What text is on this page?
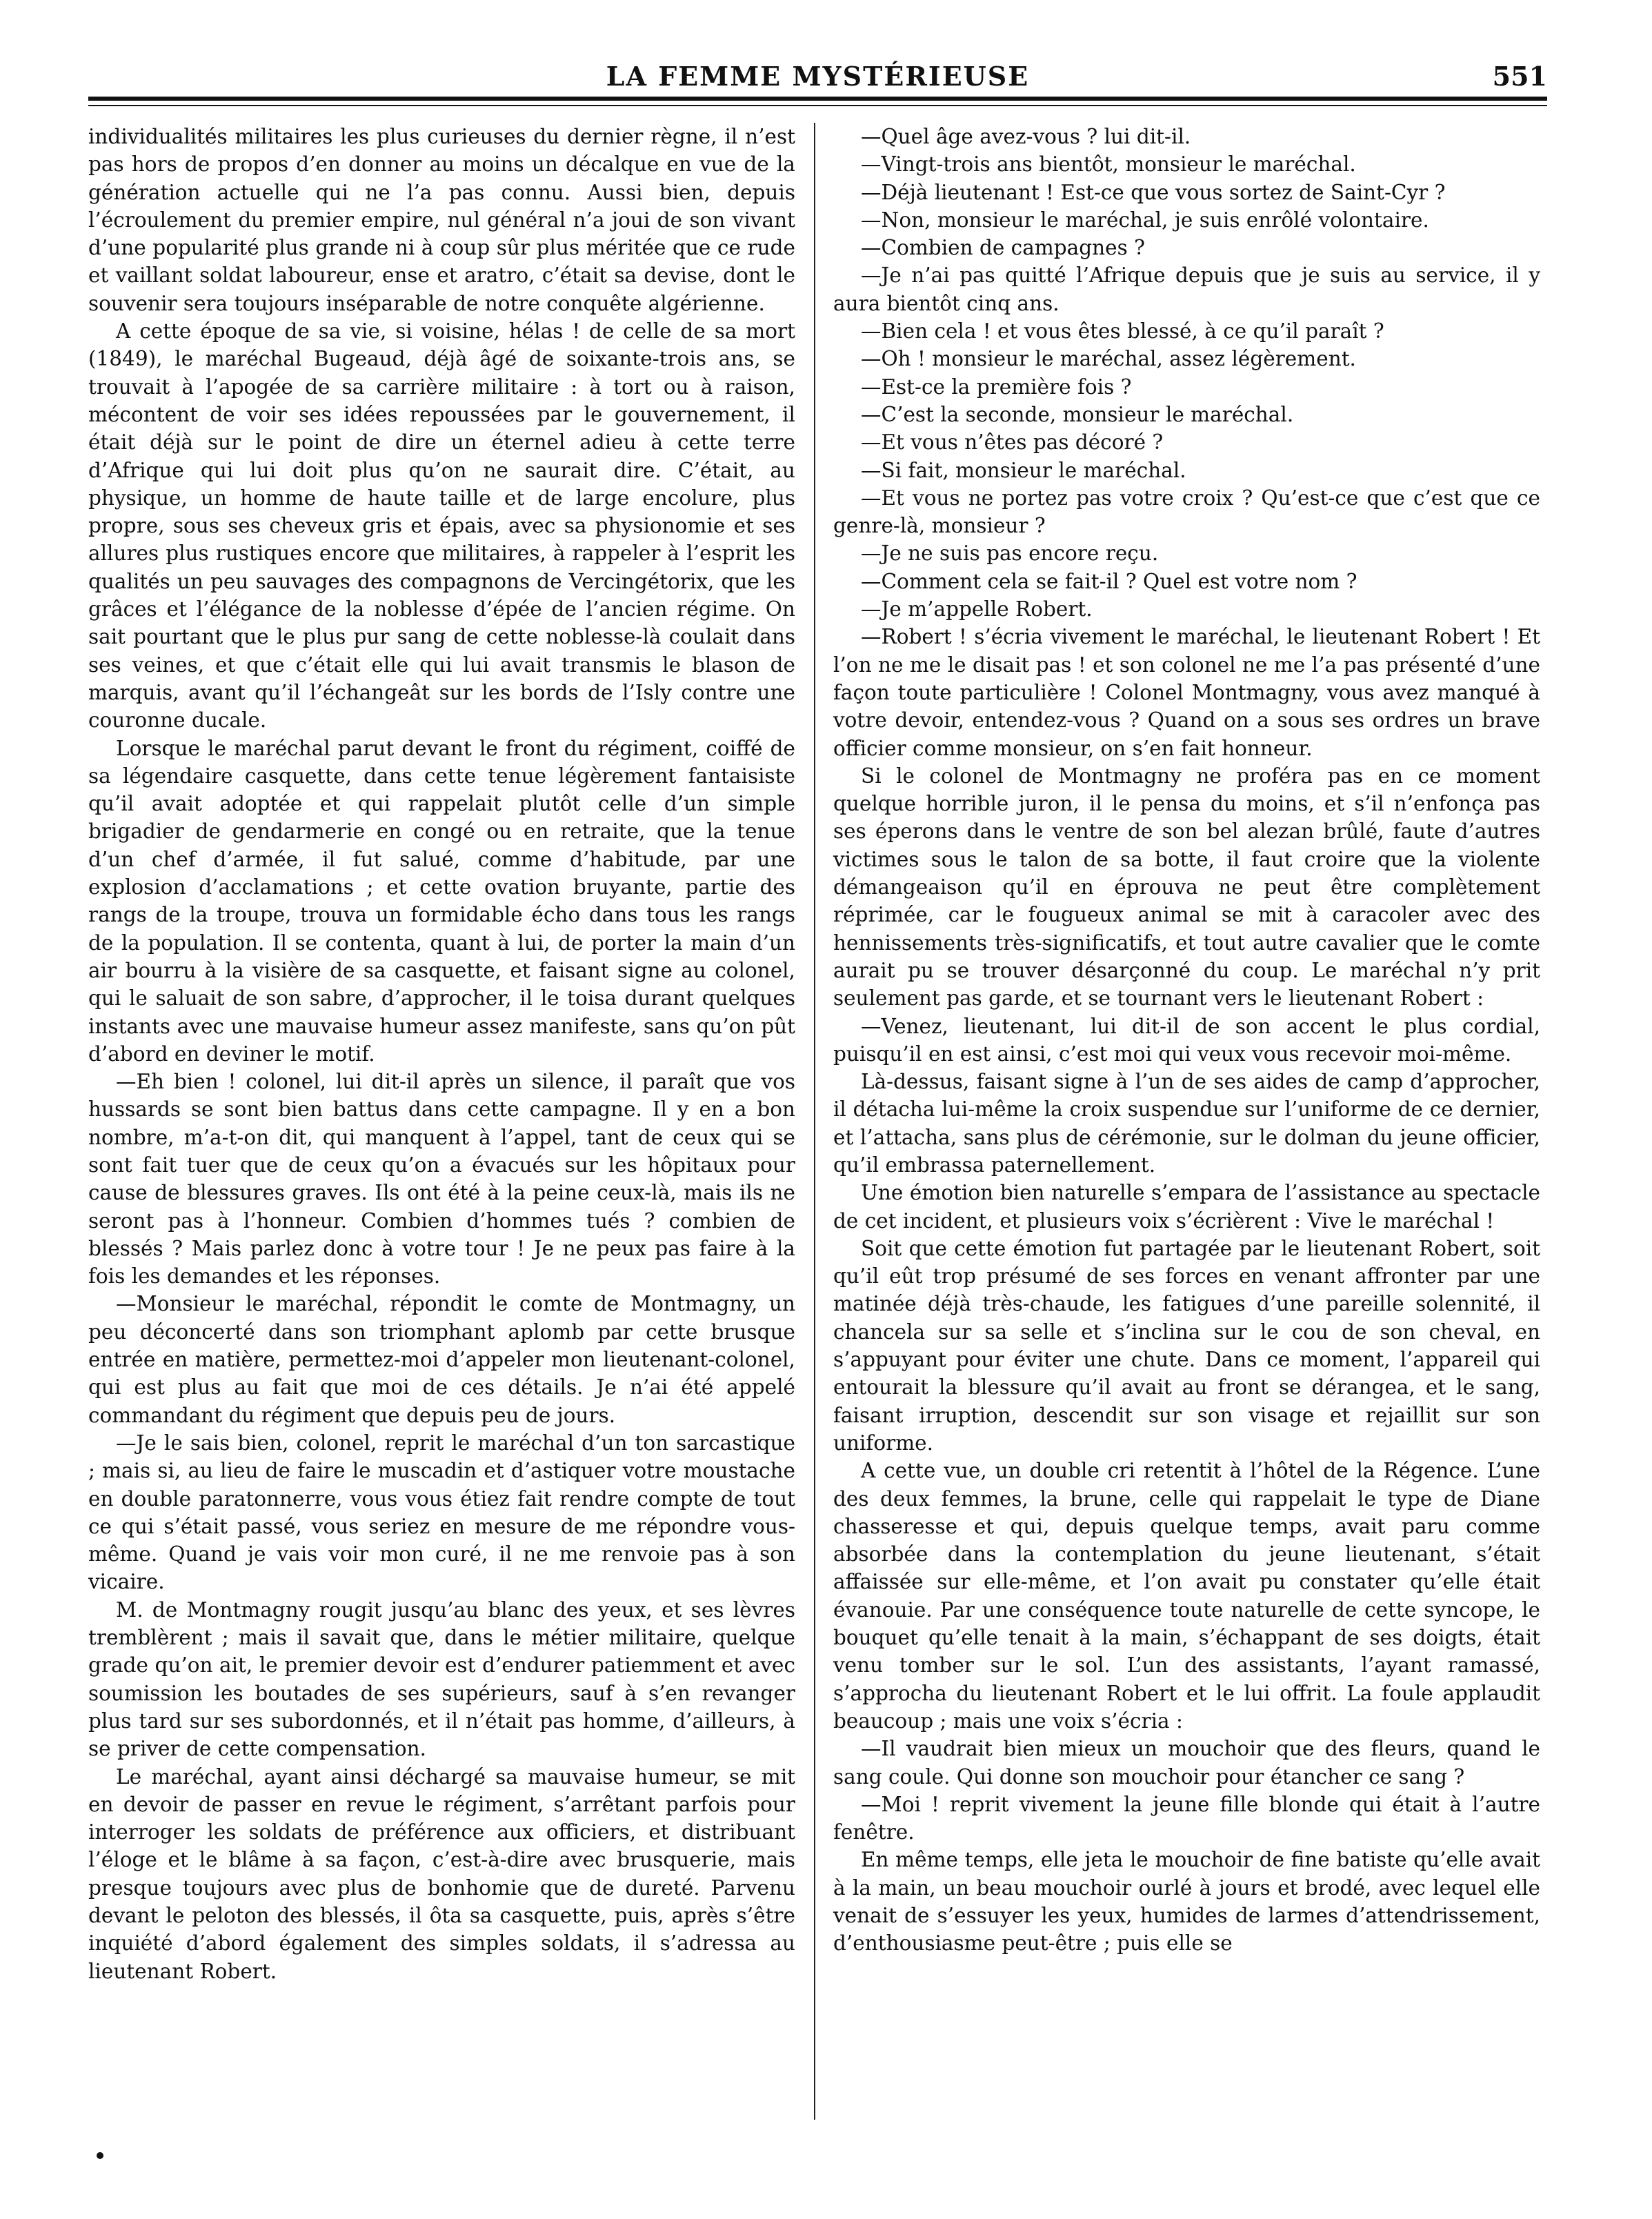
LA FEMME MYSTÉRIEUSE	551

individualités militaires les plus curieuses du dernier règne, il n’est pas hors de propos d’en donner au moins un décalque en vue de la génération actuelle qui ne l’a pas connu. Aussi bien, depuis l’écroulement du premier empire, nul général n’a joui de son vivant d’une popularité plus grande ni à coup sûr plus méritée que ce rude et vaillant soldat laboureur, ense et aratro, c’était sa devise, dont le souvenir sera toujours inséparable de notre conquête algérienne.

A cette époque de sa vie, si voisine, hélas ! de celle de sa mort (1849), le maréchal Bugeaud, déjà âgé de soixante-trois ans, se trouvait à l’apogée de sa carrière militaire : à tort ou à raison, mécontent de voir ses idées repoussées par le gouvernement, il était déjà sur le point de dire un éternel adieu à cette terre d’Afrique qui lui doit plus qu’on ne saurait dire. C’était, au physique, un homme de haute taille et de large encolure, plus propre, sous ses cheveux gris et épais, avec sa physionomie et ses allures plus rustiques encore que militaires, à rappeler à l’esprit les qualités un peu sauvages des compagnons de Vercingétorix, que les grâces et l’élégance de la noblesse d’épée de l’ancien régime. On sait pourtant que le plus pur sang de cette noblesse-là coulait dans ses veines, et que c’était elle qui lui avait transmis le blason de marquis, avant qu’il l’échangeât sur les bords de l’Isly contre une couronne ducale.

Lorsque le maréchal parut devant le front du régiment, coiffé de sa légendaire casquette, dans cette tenue légèrement fantaisiste qu’il avait adoptée et qui rappelait plutôt celle d’un simple brigadier de gendarmerie en congé ou en retraite, que la tenue d’un chef d’armée, il fut salué, comme d’habitude, par une explosion d’acclamations ; et cette ovation bruyante, partie des rangs de la troupe, trouva un formidable écho dans tous les rangs de la population. Il se contenta, quant à lui, de porter la main d’un air bourru à la visière de sa casquette, et faisant signe au colonel, qui le saluait de son sabre, d’approcher, il le toisa durant quelques instants avec une mauvaise humeur assez manifeste, sans qu’on pût d’abord en deviner le motif.

—Eh bien ! colonel, lui dit-il après un silence, il paraît que vos hussards se sont bien battus dans cette campagne. Il y en a bon nombre, m’a-t-on dit, qui manquent à l’appel, tant de ceux qui se sont fait tuer que de ceux qu’on a évacués sur les hôpitaux pour cause de blessures graves. Ils ont été à la peine ceux-là, mais ils ne seront pas à l’honneur. Combien d’hommes tués ? combien de blessés ? Mais parlez donc à votre tour ! Je ne peux pas faire à la fois les demandes et les réponses.

—Monsieur le maréchal, répondit le comte de Montmagny, un peu déconcerté dans son triomphant aplomb par cette brusque entrée en matière, permettez-moi d’appeler mon lieutenant-colonel, qui est plus au fait que moi de ces détails. Je n’ai été appelé commandant du régiment que depuis peu de jours.

—Je le sais bien, colonel, reprit le maréchal d’un ton sarcastique ; mais si, au lieu de faire le muscadin et d’astiquer votre moustache en double paratonnerre, vous vous étiez fait rendre compte de tout ce qui s’était passé, vous seriez en mesure de me répondre vous-même. Quand je vais voir mon curé, il ne me renvoie pas à son vicaire.

M. de Montmagny rougit jusqu’au blanc des yeux, et ses lèvres tremblèrent ; mais il savait que, dans le métier militaire, quelque grade qu’on ait, le premier devoir est d’endurer patiemment et avec soumission les boutades de ses supérieurs, sauf à s’en revanger plus tard sur ses subordonnés, et il n’était pas homme, d’ailleurs, à se priver de cette compensation.

Le maréchal, ayant ainsi déchargé sa mauvaise humeur, se mit en devoir de passer en revue le régiment, s’arrêtant parfois pour interroger les soldats de préférence aux officiers, et distribuant l’éloge et le blâme à sa façon, c’est-à-dire avec brusquerie, mais presque toujours avec plus de bonhomie que de dureté. Parvenu devant le peloton des blessés, il ôta sa casquette, puis, après s’être inquiété d’abord également des simples soldats, il s’adressa au lieutenant Robert.

—Quel âge avez-vous ? lui dit-il.

—Vingt-trois ans bientôt, monsieur le maréchal.

—Déjà lieutenant ! Est-ce que vous sortez de Saint-Cyr ?

—Non, monsieur le maréchal, je suis enrôlé volontaire.

—Combien de campagnes ?

—Je n’ai pas quitté l’Afrique depuis que je suis au service, il y aura bientôt cinq ans.

—Bien cela ! et vous êtes blessé, à ce qu’il paraît ?

—Oh ! monsieur le maréchal, assez légèrement.

—Est-ce la première fois ?

—C’est la seconde, monsieur le maréchal.

—Et vous n’êtes pas décoré ?

—Si fait, monsieur le maréchal.

—Et vous ne portez pas votre croix ? Qu’est-ce que c’est que ce genre-là, monsieur ?

—Je ne suis pas encore reçu.

—Comment cela se fait-il ? Quel est votre nom ?

—Je m’appelle Robert.

—Robert ! s’écria vivement le maréchal, le lieutenant Robert ! Et l’on ne me le disait pas ! et son colonel ne me l’a pas présenté d’une façon toute particulière ! Colonel Montmagny, vous avez manqué à votre devoir, entendez-vous ? Quand on a sous ses ordres un brave officier comme monsieur, on s’en fait honneur.

Si le colonel de Montmagny ne proféra pas en ce moment quelque horrible juron, il le pensa du moins, et s’il n’enfonça pas ses éperons dans le ventre de son bel alezan brûlé, faute d’autres victimes sous le talon de sa botte, il faut croire que la violente démangeaison qu’il en éprouva ne peut être complètement réprimée, car le fougueux animal se mit à caracoler avec des hennissements très-significatifs, et tout autre cavalier que le comte aurait pu se trouver désarçonné du coup. Le maréchal n’y prit seulement pas garde, et se tournant vers le lieutenant Robert :

—Venez, lieutenant, lui dit-il de son accent le plus cordial, puisqu’il en est ainsi, c’est moi qui veux vous recevoir moi-même.

Là-dessus, faisant signe à l’un de ses aides de camp d’approcher, il détacha lui-même la croix suspendue sur l’uniforme de ce dernier, et l’attacha, sans plus de cérémonie, sur le dolman du jeune officier, qu’il embrassa paternellement.

Une émotion bien naturelle s’empara de l’assistance au spectacle de cet incident, et plusieurs voix s’écrièrent : Vive le maréchal !

Soit que cette émotion fut partagée par le lieutenant Robert, soit qu’il eût trop présumé de ses forces en venant affronter par une matinée déjà très-chaude, les fatigues d’une pareille solennité, il chancela sur sa selle et s’inclina sur le cou de son cheval, en s’appuyant pour éviter une chute. Dans ce moment, l’appareil qui entourait la blessure qu’il avait au front se dérangea, et le sang, faisant irruption, descendit sur son visage et rejaillit sur son uniforme.

A cette vue, un double cri retentit à l’hôtel de la Régence. L’une des deux femmes, la brune, celle qui rappelait le type de Diane chasseresse et qui, depuis quelque temps, avait paru comme absorbée dans la contemplation du jeune lieutenant, s’était affaissée sur elle-même, et l’on avait pu constater qu’elle était évanouie. Par une conséquence toute naturelle de cette syncope, le bouquet qu’elle tenait à la main, s’échappant de ses doigts, était venu tomber sur le sol. L’un des assistants, l’ayant ramassé, s’approcha du lieutenant Robert et le lui offrit. La foule applaudit beaucoup ; mais une voix s’écria :

—Il vaudrait bien mieux un mouchoir que des fleurs, quand le sang coule. Qui donne son mouchoir pour étancher ce sang ?

—Moi ! reprit vivement la jeune fille blonde qui était à l’autre fenêtre.

En même temps, elle jeta le mouchoir de fine batiste qu’elle avait à la main, un beau mouchoir ourlé à jours et brodé, avec lequel elle venait de s’essuyer les yeux, humides de larmes d’attendrissement, d’enthousiasme peut-être ; puis elle se
